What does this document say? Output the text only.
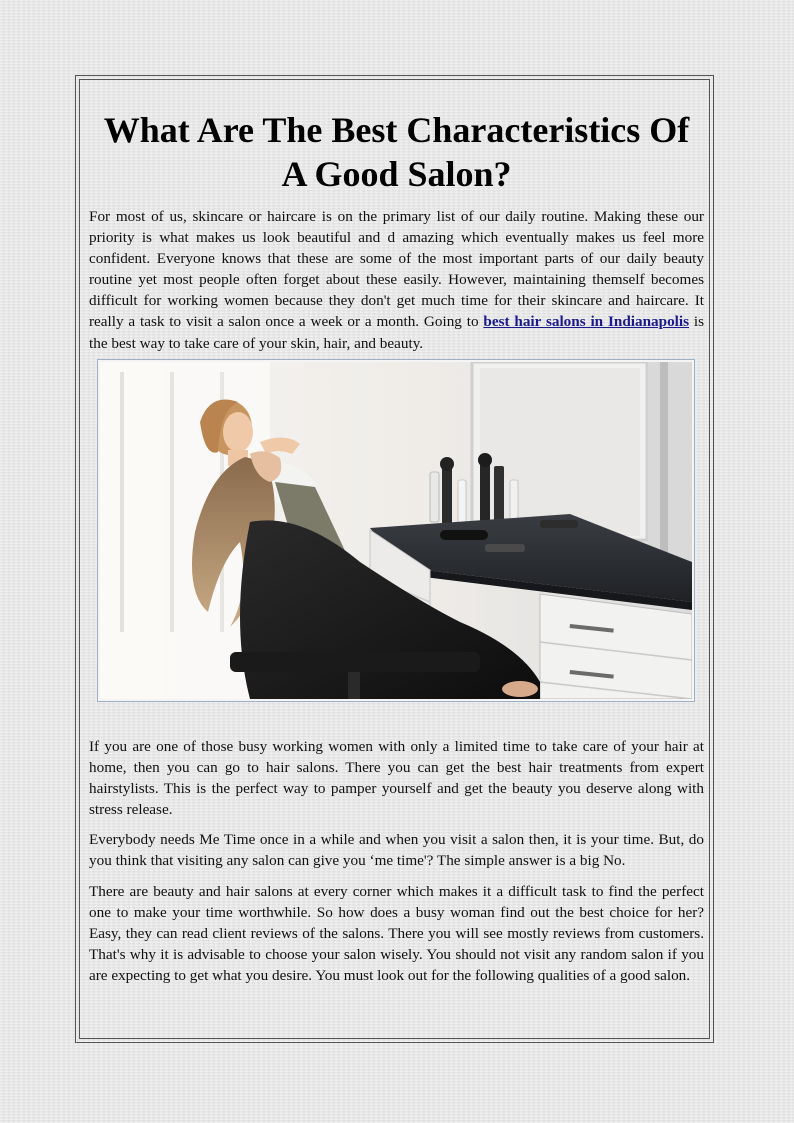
What Are The Best Characteristics Of A Good Salon?

For most of us, skincare or haircare is on the primary list of our daily routine. Making these our priority is what makes us look beautiful and d amazing which eventually makes us feel more confident. Everyone knows that these are some of the most important parts of our daily beauty routine yet most people often forget about these easily. However, maintaining themself becomes difficult for working women because they don't get much time for their skincare and haircare. It really a task to visit a salon once a week or a month. Going to best hair salons in Indianapolis is the best way to take care of your skin, hair, and beauty.

If you are one of those busy working women with only a limited time to take care of your hair at home, then you can go to hair salons. There you can get the best hair treatments from expert hairstylists. This is the perfect way to pamper yourself and get the beauty you deserve along with stress release.

Everybody needs Me Time once in a while and when you visit a salon then, it is your time. But, do you think that visiting any salon can give you ‘me time'? The simple answer is a big No.

There are beauty and hair salons at every corner which makes it a difficult task to find the perfect one to make your time worthwhile. So how does a busy woman find out the best choice for her? Easy, they can read client reviews of the salons. There you will see mostly reviews from customers. That's why it is advisable to choose your salon wisely. You should not visit any random salon if you are expecting to get what you desire. You must look out for the following qualities of a good salon.
